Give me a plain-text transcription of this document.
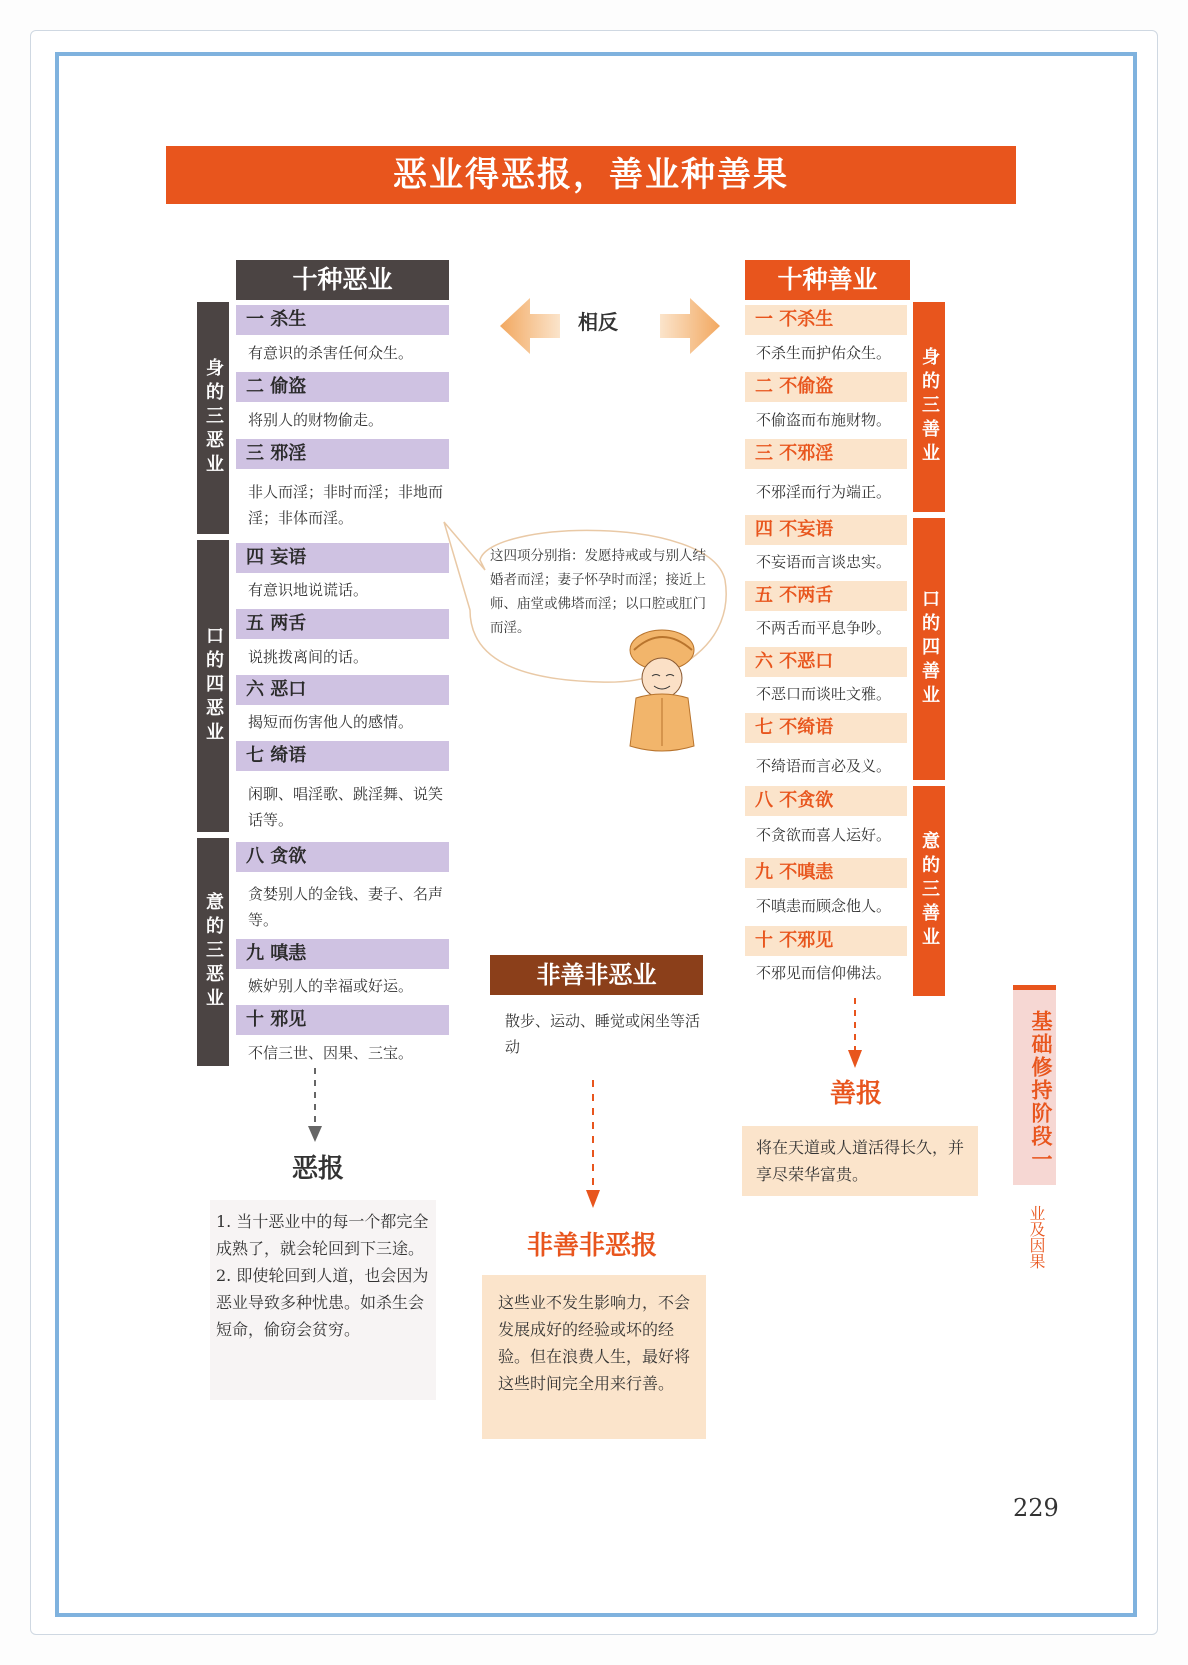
恶业得恶报，善业种善果
十种恶业
身的三恶业
口的四恶业
意的三恶业
一 杀生
有意识的杀害任何众生。
二 偷盗
将别人的财物偷走。
三 邪淫
非人而淫；非时而淫；非地而淫；非体而淫。
四 妄语
有意识地说谎话。
五 两舌
说挑拨离间的话。
六 恶口
揭短而伤害他人的感情。
七 绮语
闲聊、唱淫歌、跳淫舞、说笑话等。
八 贪欲
贪婪别人的金钱、妻子、名声等。
九 嗔恚
嫉妒别人的幸福或好运。
十 邪见
不信三世、因果、三宝。
十种善业
身的三善业
口的四善业
意的三善业
一 不杀生
不杀生而护佑众生。
二 不偷盗
不偷盗而布施财物。
三 不邪淫
不邪淫而行为端正。
四 不妄语
不妄语而言谈忠实。
五 不两舌
不两舌而平息争吵。
六 不恶口
不恶口而谈吐文雅。
七 不绮语
不绮语而言必及义。
八 不贪欲
不贪欲而喜人运好。
九 不嗔恚
不嗔恚而顾念他人。
十 不邪见
不邪见而信仰佛法。
相反
这四项分别指：发愿持戒或与别人结婚者而淫；妻子怀孕时而淫；接近上师、庙堂或佛塔而淫；以口腔或肛门而淫。
非善非恶业
散步、运动、睡觉或闲坐等活动
恶报

1. 当十恶业中的每一个都完全成熟了，就会轮回到下三途。

2. 即使轮回到人道，也会因为恶业导致多种忧患。如杀生会短命，偷窃会贫穷。

善报
将在天道或人道活得长久，并享尽荣华富贵。
非善非恶报
这些业不发生影响力，不会发展成好的经验或坏的经验。但在浪费人生，最好将这些时间完全用来行善。
基础修持阶段一
业及因果
229
